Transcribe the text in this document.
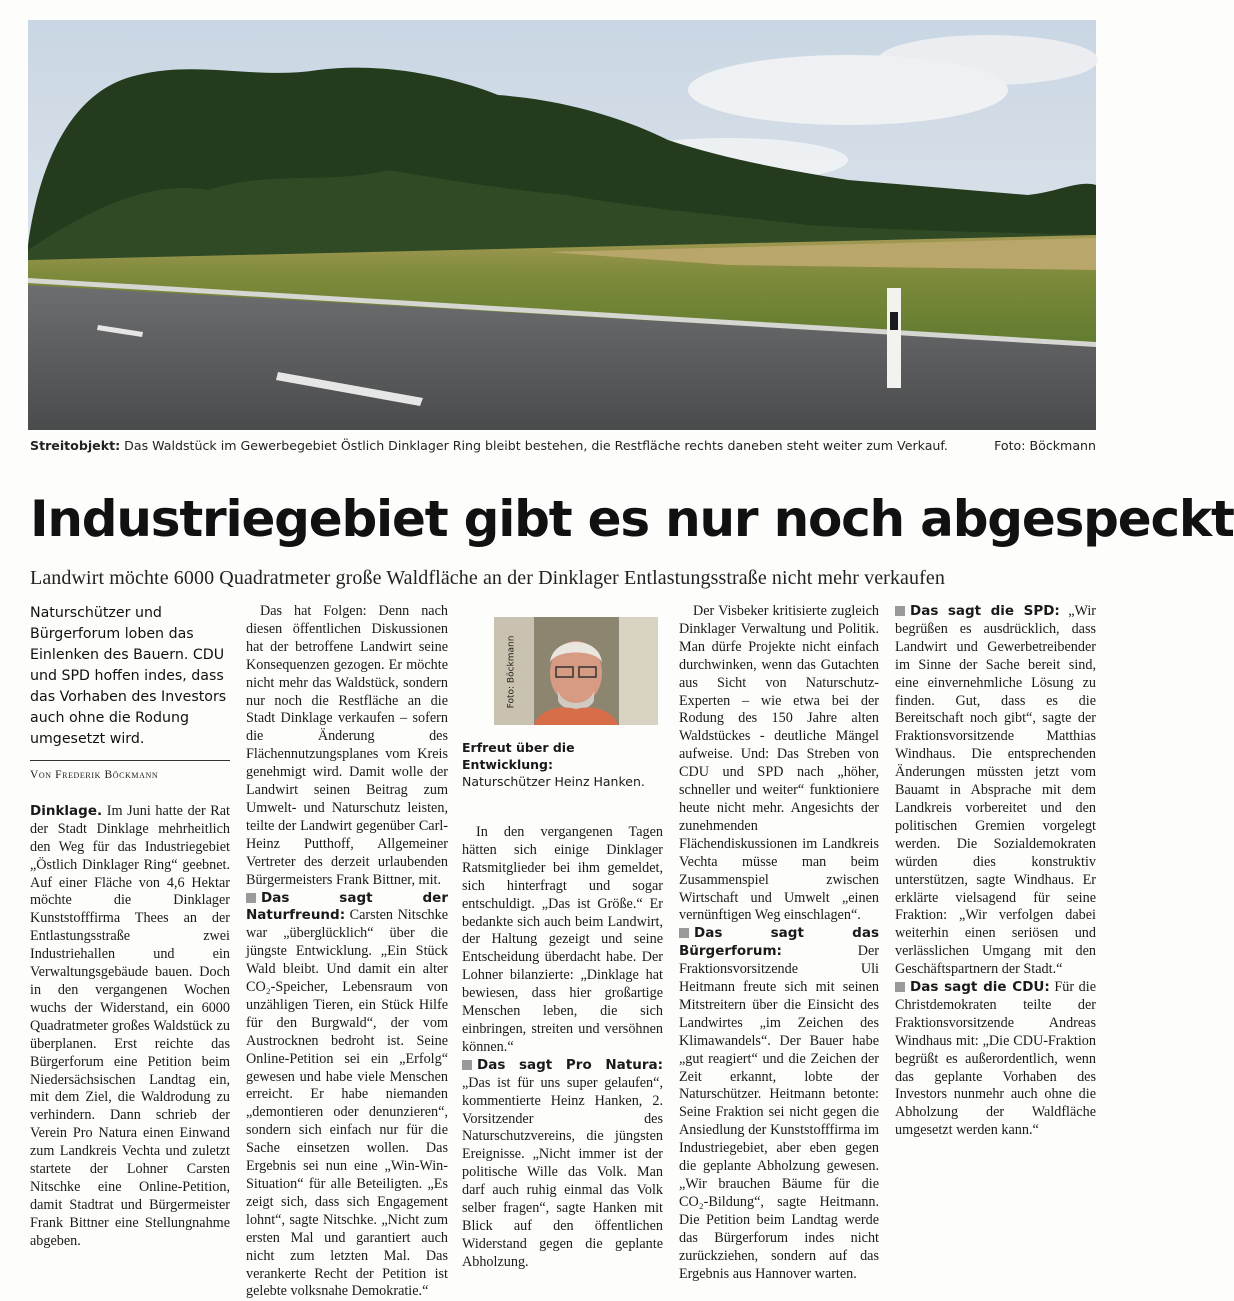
Streitobjekt: Das Waldstück im Gewerbegebiet Östlich Dinklager Ring bleibt bestehen, die Restfläche rechts daneben steht weiter zum Verkauf.	Foto: Böckmann
Industriegebiet gibt es nur noch abgespeckt
Landwirt möchte 6000 Quadratmeter große Waldfläche an der Dinklager Entlastungsstraße nicht mehr verkaufen
Naturschützer und Bürgerforum loben das Einlenken des Bauern. CDU und SPD hoffen indes, dass das Vorhaben des Investors auch ohne die Rodung umgesetzt wird.
Von Frederik Böckmann

Dinklage. Im Juni hatte der Rat der Stadt Dinklage mehrheitlich den Weg für das Industriegebiet „Östlich Dinklager Ring“ geebnet. Auf einer Fläche von 4,6 Hektar möchte die Dinklager Kunststofffirma Thees an der Entlastungsstraße zwei Industriehallen und ein Verwaltungsgebäude bauen. Doch in den vergangenen Wochen wuchs der Widerstand, ein 6000 Quadratmeter großes Waldstück zu überplanen. Erst reichte das Bürgerforum eine Petition beim Niedersächsischen Landtag ein, mit dem Ziel, die Waldrodung zu verhindern. Dann schrieb der Verein Pro Natura einen Einwand zum Landkreis Vechta und zuletzt startete der Lohner Carsten Nitschke eine Online-Petition, damit Stadtrat und Bürgermeister Frank Bittner eine Stellungnahme abgeben.

Das hat Folgen: Denn nach diesen öffentlichen Diskussionen hat der betroffene Landwirt seine Konsequenzen gezogen. Er möchte nicht mehr das Waldstück, sondern nur noch die Restfläche an die Stadt Dinklage verkaufen – sofern die Änderung des Flächennutzungsplanes vom Kreis genehmigt wird. Damit wolle der Landwirt seinen Beitrag zum Umwelt- und Naturschutz leisten, teilte der Landwirt gegenüber Carl-Heinz Putthoff, Allgemeiner Vertreter des derzeit urlaubenden Bürgermeisters Frank Bittner, mit.

Das sagt der Naturfreund: Carsten Nitschke war „überglücklich“ über die jüngste Entwicklung. „Ein Stück Wald bleibt. Und damit ein alter CO₂-Speicher, Lebensraum von unzähligen Tieren, ein Stück Hilfe für den Burgwald“, der vom Austrocknen bedroht ist. Seine Online-Petition sei ein „Erfolg“ gewesen und habe viele Menschen erreicht. Er habe niemanden „demontieren oder denunzieren“, sondern sich einfach nur für die Sache einsetzen wollen. Das Ergebnis sei nun eine „Win-Win-Situation“ für alle Beteiligten. „Es zeigt sich, dass sich Engagement lohnt“, sagte Nitschke. „Nicht zum ersten Mal und garantiert auch nicht zum letzten Mal. Das verankerte Recht der Petition ist gelebte volksnahe Demokratie.“

Foto: Böckmann
Erfreut über die Entwicklung:
Naturschützer Heinz Hanken.

In den vergangenen Tagen hätten sich einige Dinklager Ratsmitglieder bei ihm gemeldet, sich hinterfragt und sogar entschuldigt. „Das ist Größe.“ Er bedankte sich auch beim Landwirt, der Haltung gezeigt und seine Entscheidung überdacht habe. Der Lohner bilanzierte: „Dinklage hat bewiesen, dass hier großartige Menschen leben, die sich einbringen, streiten und versöhnen können.“

Das sagt Pro Natura: „Das ist für uns super gelaufen“, kommentierte Heinz Hanken, 2. Vorsitzender des Naturschutzvereins, die jüngsten Ereignisse. „Nicht immer ist der politische Wille das Volk. Man darf auch ruhig einmal das Volk selber fragen“, sagte Hanken mit Blick auf den öffentlichen Widerstand gegen die geplante Abholzung.

Der Visbeker kritisierte zugleich Dinklager Verwaltung und Politik. Man dürfe Projekte nicht einfach durchwinken, wenn das Gutachten aus Sicht von Naturschutz-Experten – wie etwa bei der Rodung des 150 Jahre alten Waldstückes - deutliche Mängel aufweise. Und: Das Streben von CDU und SPD nach „höher, schneller und weiter“ funktioniere heute nicht mehr. Angesichts der zunehmenden Flächendiskussionen im Landkreis Vechta müsse man beim Zusammenspiel zwischen Wirtschaft und Umwelt „einen vernünftigen Weg einschlagen“.

Das sagt das Bürgerforum:	Der Fraktionsvorsitzende Uli Heitmann freute sich mit seinen Mitstreitern über die Einsicht des Landwirtes „im Zeichen des Klimawandels“. Der Bauer habe „gut reagiert“ und die Zeichen der Zeit erkannt, lobte der Naturschützer. Heitmann betonte: Seine Fraktion sei nicht gegen die Ansiedlung der Kunststofffirma im Industriegebiet, aber eben gegen die geplante Abholzung gewesen. „Wir brauchen Bäume für die CO₂-Bildung“, sagte Heitmann. Die Petition beim Landtag werde das Bürgerforum indes nicht zurückziehen, sondern auf das Ergebnis aus Hannover warten.

Das sagt die SPD: „Wir begrüßen es ausdrücklich, dass Landwirt und Gewerbetreibender im Sinne der Sache bereit sind, eine einvernehmliche Lösung zu finden. Gut, dass es die Bereitschaft noch gibt“, sagte der Fraktionsvorsitzende Matthias Windhaus. Die entsprechenden Änderungen müssten jetzt vom Bauamt in Absprache mit dem Landkreis vorbereitet und den politischen Gremien vorgelegt werden. Die Sozialdemokraten würden dies konstruktiv unterstützen, sagte Windhaus. Er erklärte vielsagend für seine Fraktion: „Wir verfolgen dabei weiterhin einen seriösen und verlässlichen Umgang mit den Geschäftspartnern der Stadt.“

Das sagt die CDU: Für die Christdemokraten teilte der Fraktionsvorsitzende Andreas Windhaus mit: „Die CDU-Fraktion begrüßt es außerordentlich, wenn das geplante Vorhaben des Investors nunmehr auch ohne die Abholzung der Waldfläche umgesetzt werden kann.“
